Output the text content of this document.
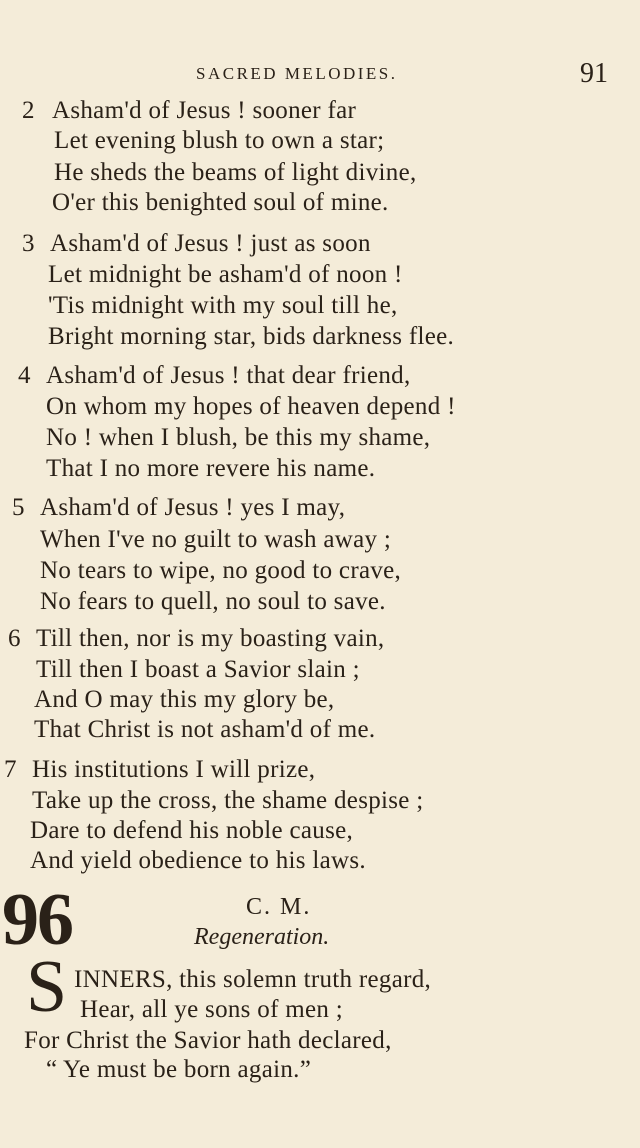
SACRED MELODIES.	91
2 Asham'd of Jesus ! sooner far
Let evening blush to own a star;
He sheds the beams of light divine,
O'er this benighted soul of mine.
3 Asham'd of Jesus ! just as soon
Let midnight be asham'd of noon !
'Tis midnight with my soul till he,
Bright morning star, bids darkness flee.
4 Asham'd of Jesus ! that dear friend,
On whom my hopes of heaven depend !
No ! when I blush, be this my shame,
That I no more revere his name.
5 Asham'd of Jesus ! yes I may,
When I've no guilt to wash away ;
No tears to wipe, no good to crave,
No fears to quell, no soul to save.
6 Till then, nor is my boasting vain,
Till then I boast a Savior slain ;
And O may this my glory be,
That Christ is not asham'd of me.
7 His institutions I will prize,
Take up the cross, the shame despise ;
Dare to defend his noble cause,
And yield obedience to his laws.
96	C. M.
Regeneration.
S INNERS, this solemn truth regard,
Hear, all ye sons of men ;
For Christ the Savior hath declared,
“ Ye must be born again.”
